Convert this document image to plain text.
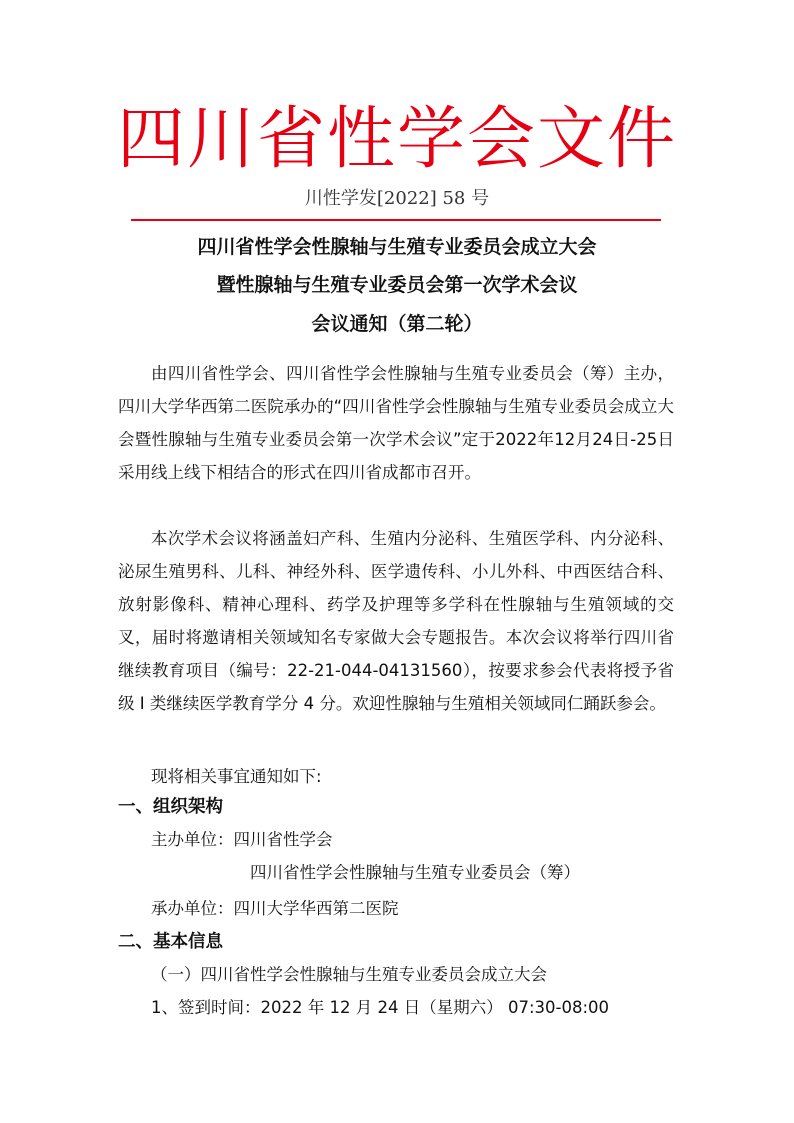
四川省性学会文件
川性学发[2022] 58 号
四川省性学会性腺轴与生殖专业委员会成立大会
暨性腺轴与生殖专业委员会第一次学术会议
会议通知（第二轮）

由四川省性学会、四川省性学会性腺轴与生殖专业委员会（筹）主办，四川大学华西第二医院承办的“四川省性学会性腺轴与生殖专业委员会成立大会暨性腺轴与生殖专业委员会第一次学术会议”定于2022年12月24日-25日采用线上线下相结合的形式在四川省成都市召开。

本次学术会议将涵盖妇产科、生殖内分泌科、生殖医学科、内分泌科、泌尿生殖男科、儿科、神经外科、医学遗传科、小儿外科、中西医结合科、放射影像科、精神心理科、药学及护理等多学科在性腺轴与生殖领域的交叉，届时将邀请相关领域知名专家做大会专题报告。本次会议将举行四川省继续教育项目（编号：22-21-044-04131560），按要求参会代表将授予省级 I 类继续医学教育学分 4 分。欢迎性腺轴与生殖相关领域同仁踊跃参会。

现将相关事宜通知如下:
一、组织架构
主办单位：四川省性学会
四川省性学会性腺轴与生殖专业委员会（筹）
承办单位：四川大学华西第二医院
二、基本信息
（一）四川省性学会性腺轴与生殖专业委员会成立大会
1、签到时间：2022 年 12 月 24 日（星期六） 07:30-08:00
